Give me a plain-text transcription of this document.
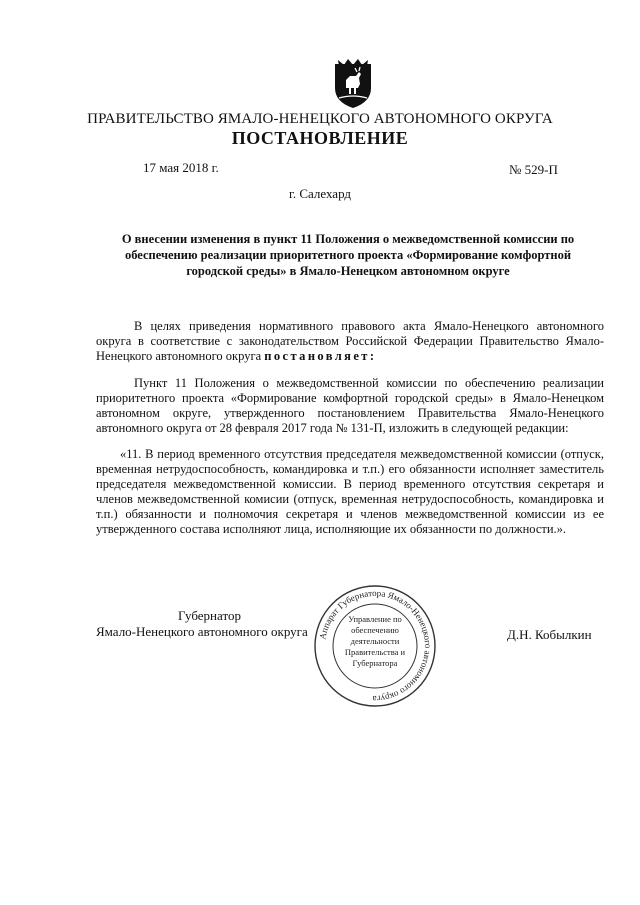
ПРАВИТЕЛЬСТВО ЯМАЛО-НЕНЕЦКОГО АВТОНОМНОГО ОКРУГА
ПОСТАНОВЛЕНИЕ
17 мая 2018 г.	№ 529-П
г. Салехард
О внесении изменения в пункт 11 Положения о межведомственной комиссии по обеспечению реализации приоритетного проекта «Формирование комфортной городской среды» в Ямало-Ненецком автономном округе
В целях приведения нормативного правового акта Ямало-Ненецкого автономного округа в соответствие с законодательством Российской Федерации Правительство Ямало-Ненецкого автономного округа постановляет:
Пункт 11 Положения о межведомственной комиссии по обеспечению реализации приоритетного проекта «Формирование комфортной городской среды» в Ямало-Ненецком автономном округе, утвержденного постановлением Правительства Ямало-Ненецкого автономного округа от 28 февраля 2017 года № 131-П, изложить в следующей редакции:
«11. В период временного отсутствия председателя межведомственной комиссии (отпуск, временная нетрудоспособность, командировка и т.п.) его обязанности исполняет заместитель председателя межведомственной комиссии. В период временного отсутствия секретаря и членов межведомственной комисии (отпуск, временная нетрудоспособность, командировка и т.п.) обязанности и полномочия секретаря и членов межведомственной комиссии из ее утвержденного состава исполняют лица, исполняющие их обязанности по должности.».
Губернатор
Ямало-Ненецкого автономного округа	Д.Н. Кобылкин
Аппарат Губернатора Ямало-Ненецкого автономного округа
Управление по обеспечению деятельности Правительства и Губернатора
